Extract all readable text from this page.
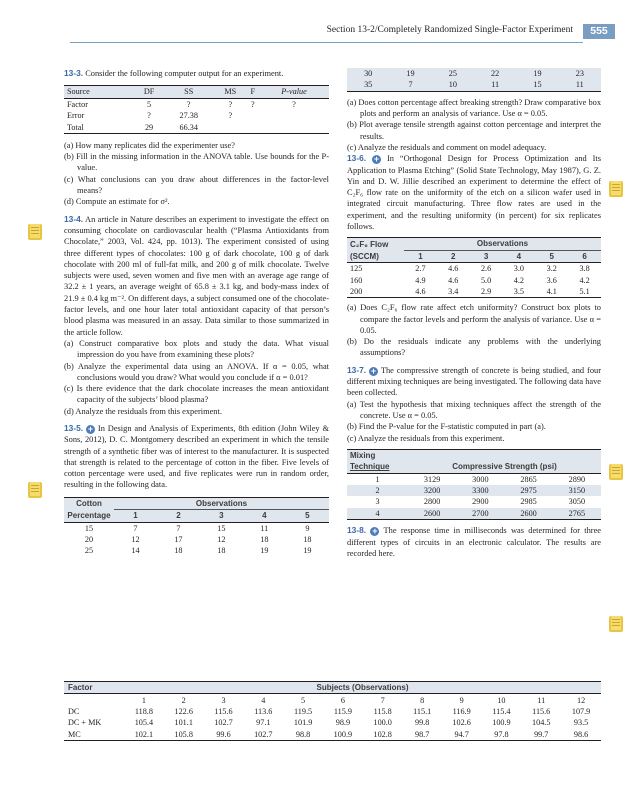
Section 13-2/Completely Randomized Single-Factor Experiment	555

13-3. Consider the following computer output for an experiment.

Source	DF	SS	MS	F	P-value
Factor	5	?	?	?	?
Error	?	27.38	?		
Total	29	66.34			
(a) How many replicates did the experimenter use?
(b) Fill in the missing information in the ANOVA table. Use bounds for the P-value.
(c) What conclusions can you draw about differences in the factor-level means?
(d) Compute an estimate for σ².

13-4. An article in Nature describes an experiment to investigate the effect on consuming chocolate on cardiovascular health (“Plasma Antioxidants from Chocolate,” 2003, Vol. 424, pp. 1013). The experiment consisted of using three different types of chocolates: 100 g of dark chocolate, 100 g of dark chocolate with 200 ml of full-fat milk, and 200 g of milk chocolate. Twelve subjects were used, seven women and five men with an average age range of 32.2 ± 1 years, an average weight of 65.8 ± 3.1 kg, and body-mass index of 21.9 ± 0.4 kg m⁻². On different days, a subject consumed one of the chocolate-factor levels, and one hour later total antioxidant capacity of that person’s blood plasma was measured in an assay. Data similar to those summarized in the article follow.

(a) Construct comparative box plots and study the data. What visual impression do you have from examining these plots?
(b) Analyze the experimental data using an ANOVA. If α = 0.05, what conclusions would you draw? What would you conclude if α = 0.01?
(c) Is there evidence that the dark chocolate increases the mean antioxidant capacity of the subjects’ blood plasma?
(d) Analyze the residuals from this experiment.

13-5. + In Design and Analysis of Experiments, 8th edition (John Wiley & Sons, 2012), D. C. Montgomery described an experiment in which the tensile strength of a synthetic fiber was of interest to the manufacturer. It is suspected that strength is related to the percentage of cotton in the fiber. Five levels of cotton percentage were used, and five replicates were run in random order, resulting in the following data.

Cotton	Observations				
Percentage	1	2	3	4	5
15	7	7	15	11	9
20	12	17	12	18	18
25	14	18	18	19	19
30	19	25	22	19	23
35	7	10	11	15	11
(a) Does cotton percentage affect breaking strength? Draw comparative box plots and perform an analysis of variance. Use α = 0.05.
(b) Plot average tensile strength against cotton percentage and interpret the results.
(c) Analyze the residuals and comment on model adequacy.

13-6. + In “Orthogonal Design for Process Optimization and Its Application to Plasma Etching” (Solid State Technology, May 1987), G. Z. Yin and D. W. Jillie described an experiment to determine the effect of C₂F₆ flow rate on the uniformity of the etch on a silicon wafer used in integrated circuit manufacturing. Three flow rates are used in the experiment, and the resulting uniformity (in percent) for six replicates follows.

C₂F₆ Flow	Observations					
(SCCM)	1	2	3	4	5	6
125	2.7	4.6	2.6	3.0	3.2	3.8
160	4.9	4.6	5.0	4.2	3.6	4.2
200	4.6	3.4	2.9	3.5	4.1	5.1
(a) Does C₂F₆ flow rate affect etch uniformity? Construct box plots to compare the factor levels and perform the analysis of variance. Use α = 0.05.
(b) Do the residuals indicate any problems with the underlying assumptions?

13-7. + The compressive strength of concrete is being studied, and four different mixing techniques are being investigated. The following data have been collected.

(a) Test the hypothesis that mixing techniques affect the strength of the concrete. Use α = 0.05.
(b) Find the P-value for the F-statistic computed in part (a).
(c) Analyze the residuals from this experiment.
Mixing				
Technique	Compressive Strength (psi)			
1	3129	3000	2865	2890
2	3200	3300	2975	3150
3	2800	2900	2985	3050
4	2600	2700	2600	2765

13-8. + The response time in milliseconds was determined for three different types of circuits in an electronic calculator. The results are recorded here.

Factor	Subjects (Observations)											
	1	2	3	4	5	6	7	8	9	10	11	12
DC	118.8	122.6	115.6	113.6	119.5	115.9	115.8	115.1	116.9	115.4	115.6	107.9
DC + MK	105.4	101.1	102.7	97.1	101.9	98.9	100.0	99.8	102.6	100.9	104.5	93.5
MC	102.1	105.8	99.6	102.7	98.8	100.9	102.8	98.7	94.7	97.8	99.7	98.6
